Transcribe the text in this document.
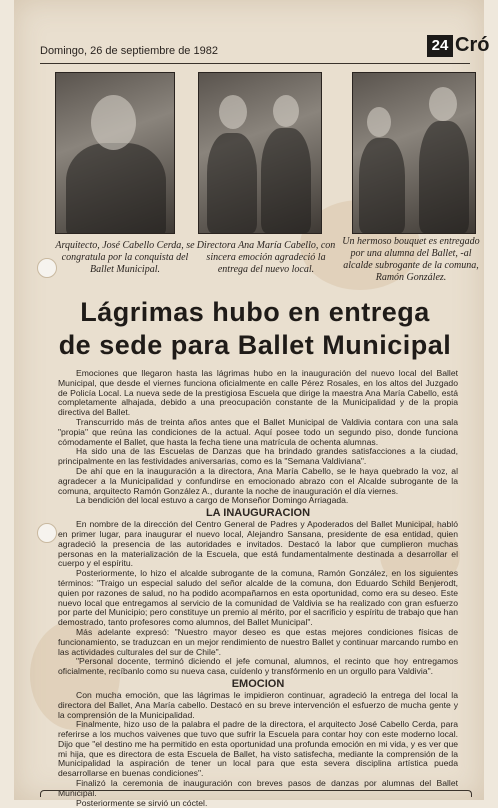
Domingo, 26 de septiembre de 1982	24 Cró
Arquitecto, José Cabello Cerda, se congratula por la conquista del Ballet Municipal.
Directora Ana María Cabello, con sincera emoción agradeció la entrega del nuevo local.
Un hermoso bouquet es entregado por una alumna del Ballet, -al alcalde subrogante de la comuna, Ramón González.
Lágrimas hubo en entrega
de sede para Ballet Municipal

Emociones que llegaron hasta las lágrimas hubo en la inauguración del nuevo local del Ballet Municipal, que desde el viernes funciona oficialmente en calle Pérez Rosales, en los altos del Juzgado de Policía Local. La nueva sede de la prestigiosa Escuela que dirige la maestra Ana María Cabello, está completamente alhajada, debido a una preocupación constante de la Municipalidad y de la propia directiva del Ballet.

Transcurrido más de treinta años antes que el Ballet Municipal de Valdivia contara con una sala "propia" que reúna las condiciones de la actual. Aquí posee todo un segundo piso, donde funciona cómodamente el Ballet, que hasta la fecha tiene una matrícula de ochenta alumnas.

Ha sido una de las Escuelas de Danzas que ha brindado grandes satisfacciones a la ciudad, principalmente en las festividades aniversarias, como es la "Semana Valdiviana".

De ahí que en la inauguración a la directora, Ana María Cabello, se le haya quebrado la voz, al agradecer a la Municipalidad y confundirse en emocionado abrazo con el Alcalde subrogante de la comuna, arquitecto Ramón González A., durante la noche de inauguración el día viernes.

La bendición del local estuvo a cargo de Monseñor Domingo Arriagada.

LA INAUGURACION

En nombre de la dirección del Centro General de Padres y Apoderados del Ballet Municipal, habló en primer lugar, para inaugurar el nuevo local, Alejandro Sansana, presidente de esa entidad, quien agradeció la presencia de las autoridades e invitados. Destacó la labor que cumplieron muchas personas en la materialización de la Escuela, que está fundamentalmente destinada a desarrollar el cuerpo y el espíritu.

Posteriormente, lo hizo el alcalde subrogante de la comuna, Ramón González, en los siguientes términos: "Traigo un especial saludo del señor alcalde de la comuna, don Eduardo Schild Benjerodt, quien por razones de salud, no ha podido acompañarnos en esta oportunidad, como era su deseo. Este nuevo local que entregamos al servicio de la comunidad de Valdivia se ha realizado con gran esfuerzo por parte del Municipio; pero constituye un premio al mérito, por el sacrificio y espíritu de trabajo que han demostrado, tanto profesores como alumnos, del Ballet Municipal".

Más adelante expresó: "Nuestro mayor deseo es que estas mejores condiciones físicas de funcionamiento, se traduzcan en un mejor rendimiento de nuestro Ballet y continuar marcando rumbo en las actividades culturales del sur de Chile".

"Personal docente, terminó diciendo el jefe comunal, alumnos, el recinto que hoy entregamos oficialmente, recíbanlo como su nueva casa, cuídenlo y transfórmenlo en un orgullo para Valdivia".

EMOCION

Con mucha emoción, que las lágrimas le impidieron continuar, agradeció la entrega del local la directora del Ballet, Ana María cabello. Destacó en su breve intervención el esfuerzo de mucha gente y la comprensión de la Municipalidad.

Finalmente, hizo uso de la palabra el padre de la directora, el arquitecto José Cabello Cerda, para referirse a los muchos vaivenes que tuvo que sufrir la Escuela para contar hoy con este moderno local. Dijo que "el destino me ha permitido en esta oportunidad una profunda emoción en mi vida, y es ver que mi hija, que es directora de esta Escuela de Ballet, ha visto satisfecha, mediante la comprensión de la Municipalidad la aspiración de tener un local para que esta severa disciplina artística pueda desarrollarse en buenas condiciones".

Finalizó la ceremonia de inauguración con breves pasos de danzas por alumnas del Ballet Municipal.

Posteriormente se sirvió un cóctel.
